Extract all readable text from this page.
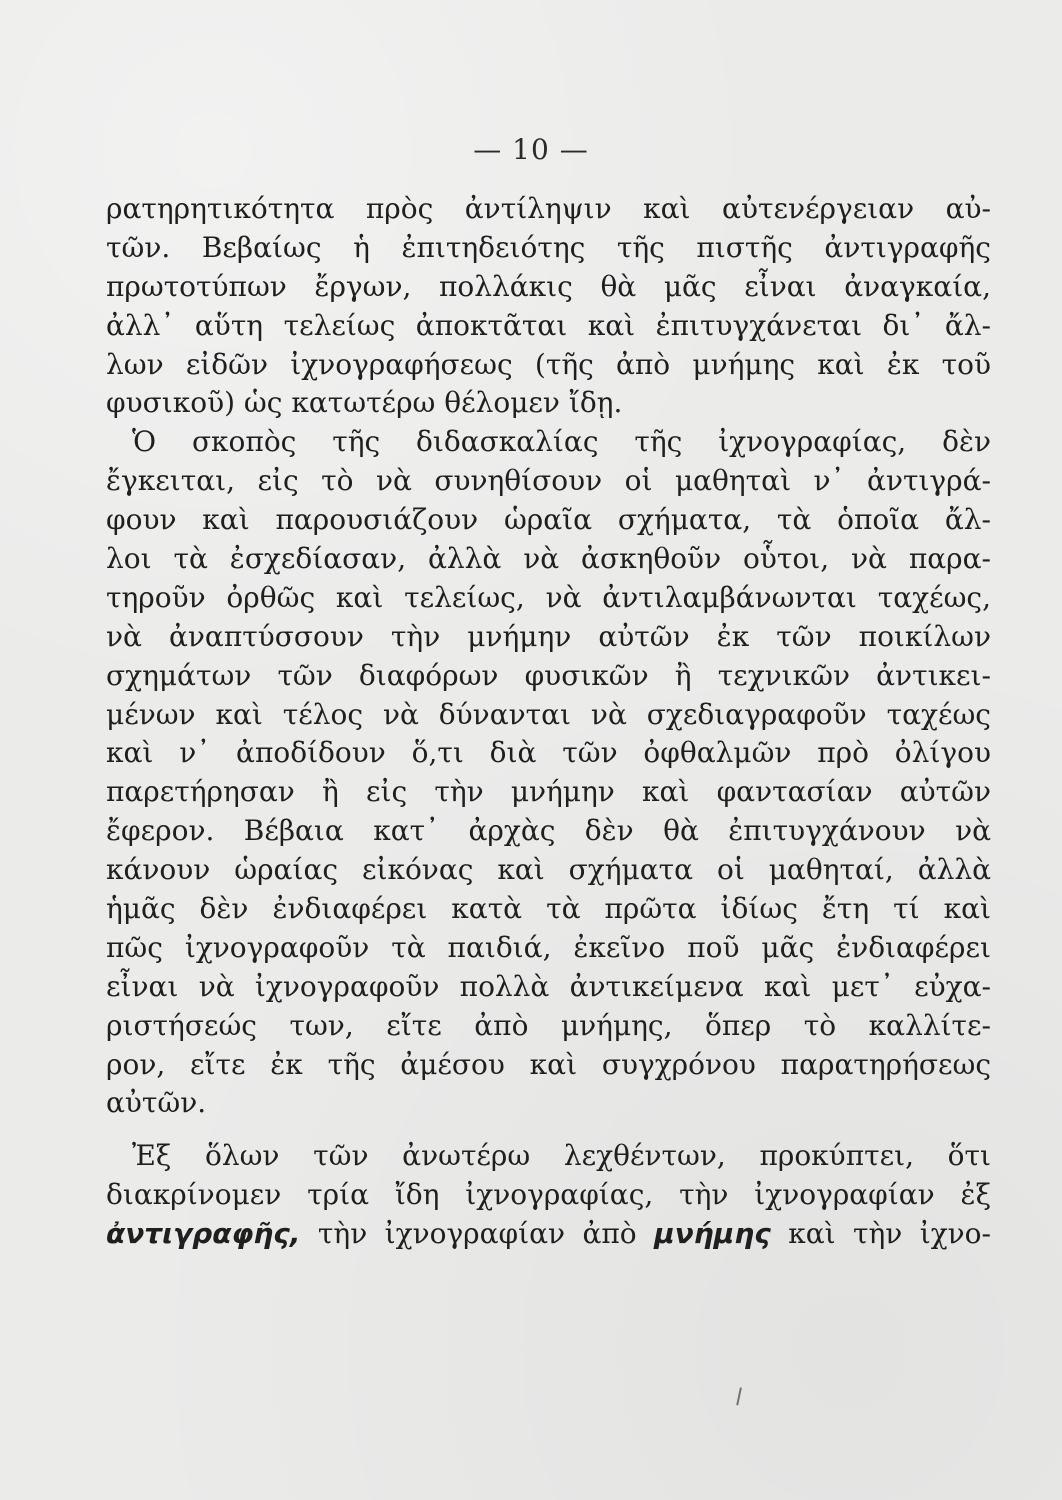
— 10 —
ρατηρητικότητα πρὸς ἀντίληψιν καὶ αὐτενέργειαν αὐ-
τῶν. Βεβαίως ἡ ἐπιτηδειότης τῆς πιστῆς ἀντιγραφῆς
πρωτοτύπων ἔργων, πολλάκις θὰ μᾶς εἶναι ἀναγκαία,
ἀλλ᾽ αὕτη τελείως ἀποκτᾶται καὶ ἐπιτυγχάνεται δι᾽ ἄλ-
λων εἰδῶν ἰχνογραφήσεως (τῆς ἀπὸ μνήμης καὶ ἐκ τοῦ
φυσικοῦ) ὡς κατωτέρω θέλομεν ἴδῃ.
Ὁ σκοπὸς τῆς διδασκαλίας τῆς ἰχνογραφίας, δὲν
ἔγκειται, εἰς τὸ νὰ συνηθίσουν οἱ μαθηταὶ ν᾽ ἀντιγρά-
φουν καὶ παρουσιάζουν ὡραῖα σχήματα, τὰ ὁποῖα ἄλ-
λοι τὰ ἐσχεδίασαν, ἀλλὰ νὰ ἀσκηθοῦν οὗτοι, νὰ παρα-
τηροῦν ὀρθῶς καὶ τελείως, νὰ ἀντιλαμβάνωνται ταχέως,
νὰ ἀναπτύσσουν τὴν μνήμην αὐτῶν ἐκ τῶν ποικίλων
σχημάτων τῶν διαφόρων φυσικῶν ἢ τεχνικῶν ἀντικει-
μένων καὶ τέλος νὰ δύνανται νὰ σχεδιαγραφοῦν ταχέως
καὶ ν᾽ ἀποδίδουν ὅ,τι διὰ τῶν ὀφθαλμῶν πρὸ ὀλίγου
παρετήρησαν ἢ εἰς τὴν μνήμην καὶ φαντασίαν αὐτῶν
ἔφερον. Βέβαια κατ᾽ ἀρχὰς δὲν θὰ ἐπιτυγχάνουν νὰ
κάνουν ὡραίας εἰκόνας καὶ σχήματα οἱ μαθηταί, ἀλλὰ
ἡμᾶς δὲν ἐνδιαφέρει κατὰ τὰ πρῶτα ἰδίως ἔτη τί καὶ
πῶς ἰχνογραφοῦν τὰ παιδιά, ἐκεῖνο ποῦ μᾶς ἐνδιαφέρει
εἶναι νὰ ἰχνογραφοῦν πολλὰ ἀντικείμενα καὶ μετ᾽ εὐχα-
ριστήσεώς των, εἴτε ἀπὸ μνήμης, ὅπερ τὸ καλλίτε-
ρον, εἴτε ἐκ τῆς ἀμέσου καὶ συγχρόνου παρατηρήσεως
αὐτῶν.
Ἐξ ὅλων τῶν ἀνωτέρω λεχθέντων, προκύπτει, ὅτι
διακρίνομεν τρία ἴδη ἰχνογραφίας, τὴν ἰχνογραφίαν ἐξ
ἀντιγραφῆς, τὴν ἰχνογραφίαν ἀπὸ μνήμης καὶ τὴν ἰχνο-
